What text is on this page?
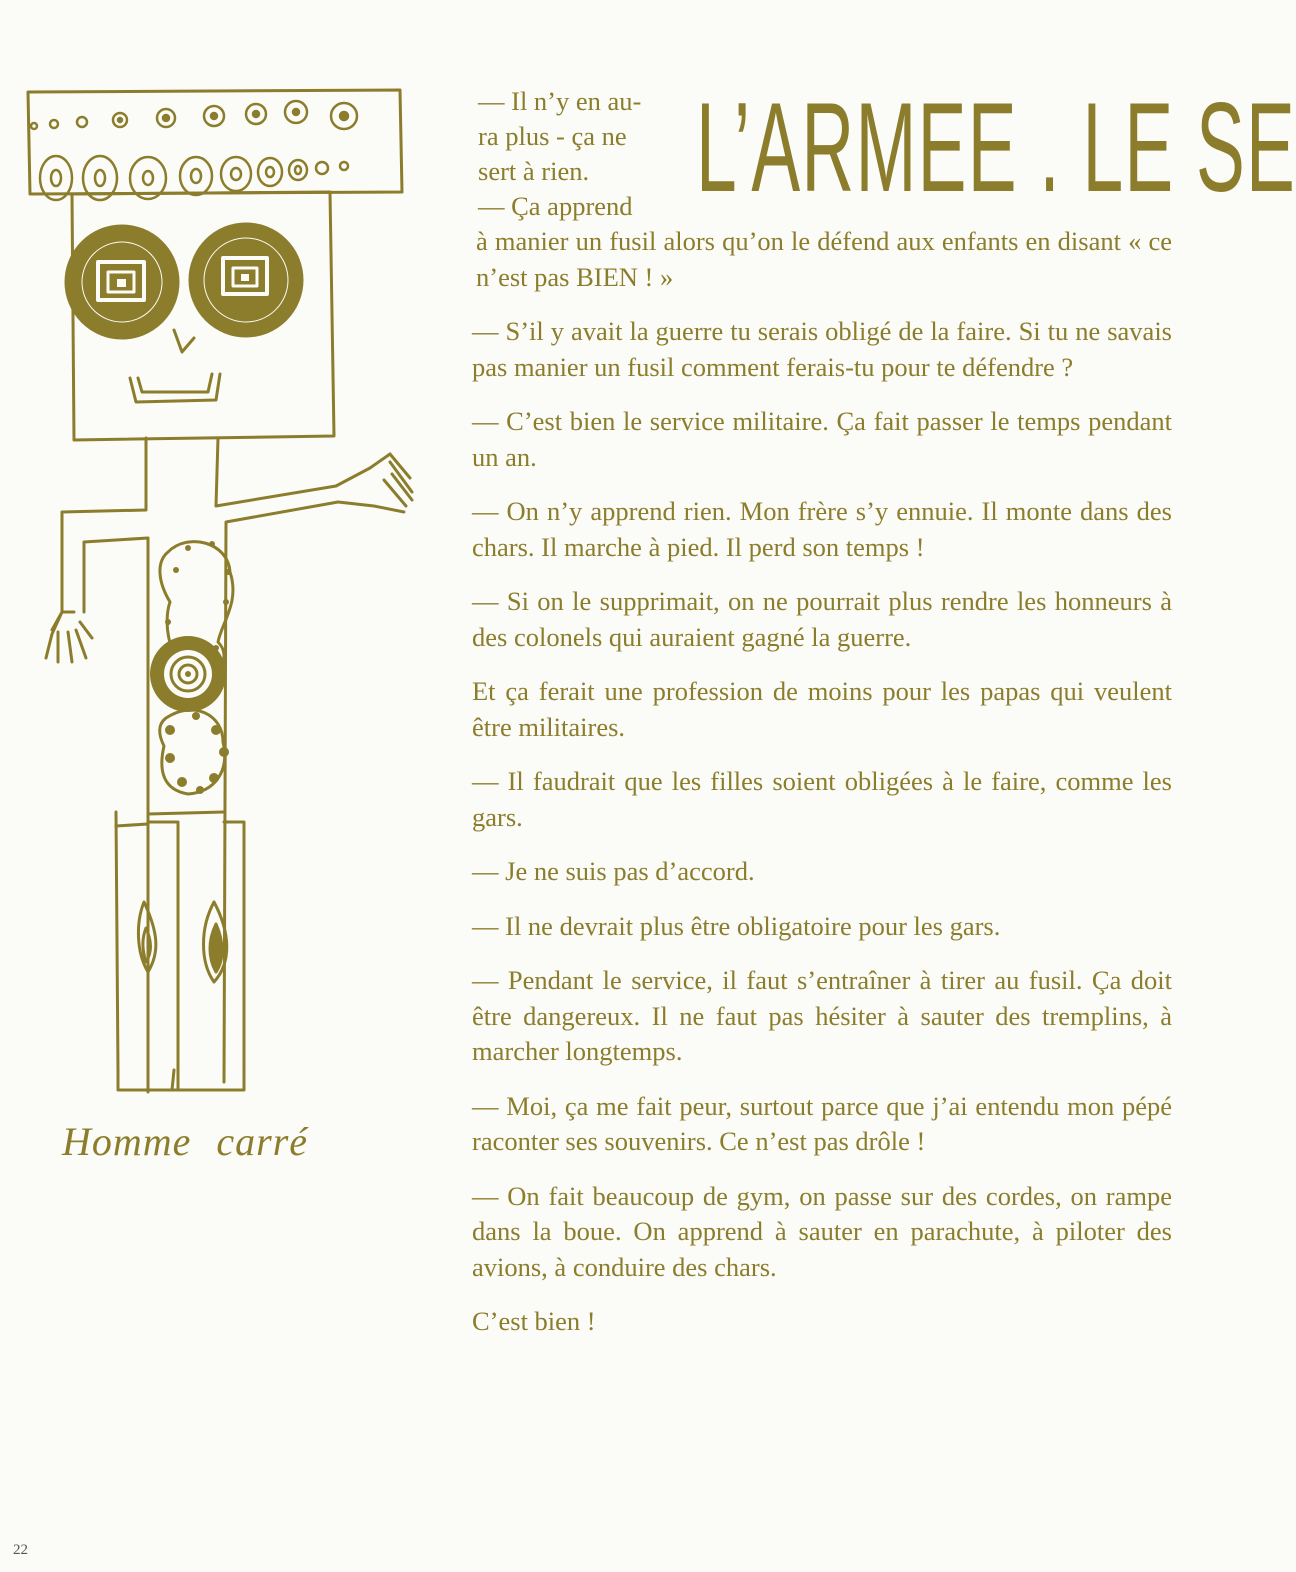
Homme carré
L’ARMEE . LE SE
— Il n’y en au-
ra plus - ça ne
sert à rien.
— Ça apprend

à manier un fusil alors qu’on le défend aux enfants en disant « ce n’est pas BIEN ! »

— S’il y avait la guerre tu serais obligé de la faire. Si tu ne savais pas manier un fusil comment ferais-tu pour te défendre ?

— C’est bien le service militaire. Ça fait passer le temps pendant un an.

— On n’y apprend rien. Mon frère s’y ennuie. Il monte dans des chars. Il marche à pied. Il perd son temps !

— Si on le supprimait, on ne pourrait plus rendre les honneurs à des colonels qui auraient gagné la guerre.

Et ça ferait une profession de moins pour les papas qui veulent être militaires.

— Il faudrait que les filles soient obligées à le faire, comme les gars.

— Je ne suis pas d’accord.

— Il ne devrait plus être obligatoire pour les gars.

— Pendant le service, il faut s’entraîner à tirer au fusil. Ça doit être dangereux. Il ne faut pas hésiter à sauter des tremplins, à marcher longtemps.

— Moi, ça me fait peur, surtout parce que j’ai entendu mon pépé raconter ses souvenirs. Ce n’est pas drôle !

— On fait beaucoup de gym, on passe sur des cordes, on rampe dans la boue. On apprend à sauter en parachute, à piloter des avions, à conduire des chars.

C’est bien !

22
